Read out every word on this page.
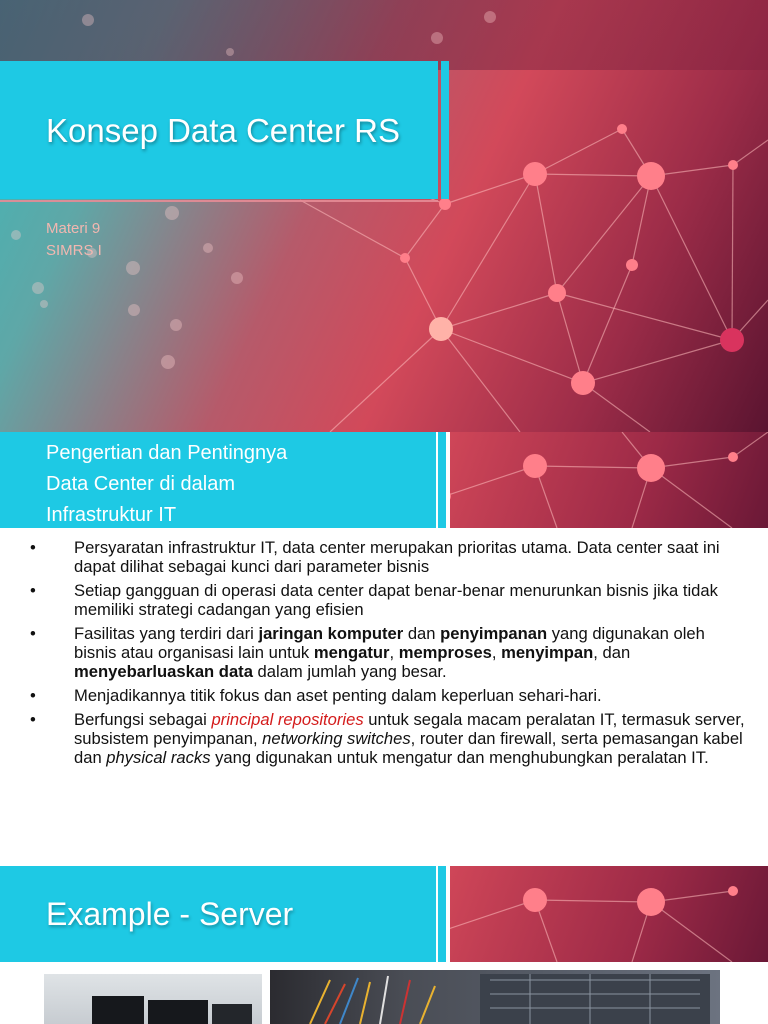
Konsep Data Center RS
Materi 9
SIMRS I
Pengertian dan Pentingnya
Data Center di dalam
Infrastruktur IT
• Persyaratan infrastruktur IT, data center merupakan prioritas utama. Data center saat ini dapat dilihat sebagai kunci dari parameter bisnis
• Setiap gangguan di operasi data center dapat benar-benar menurunkan bisnis jika tidak memiliki strategi cadangan yang efisien
• Fasilitas yang terdiri dari jaringan komputer dan penyimpanan yang digunakan oleh bisnis atau organisasi lain untuk mengatur, memproses, menyimpan, dan menyebarluaskan data dalam jumlah yang besar.
• Menjadikannya titik fokus dan aset penting dalam keperluan sehari-hari.
• Berfungsi sebagai principal repositories untuk segala macam peralatan IT, termasuk server, subsistem penyimpanan, networking switches, router dan firewall, serta pemasangan kabel dan physical racks yang digunakan untuk mengatur dan menghubungkan peralatan IT.
Example - Server
